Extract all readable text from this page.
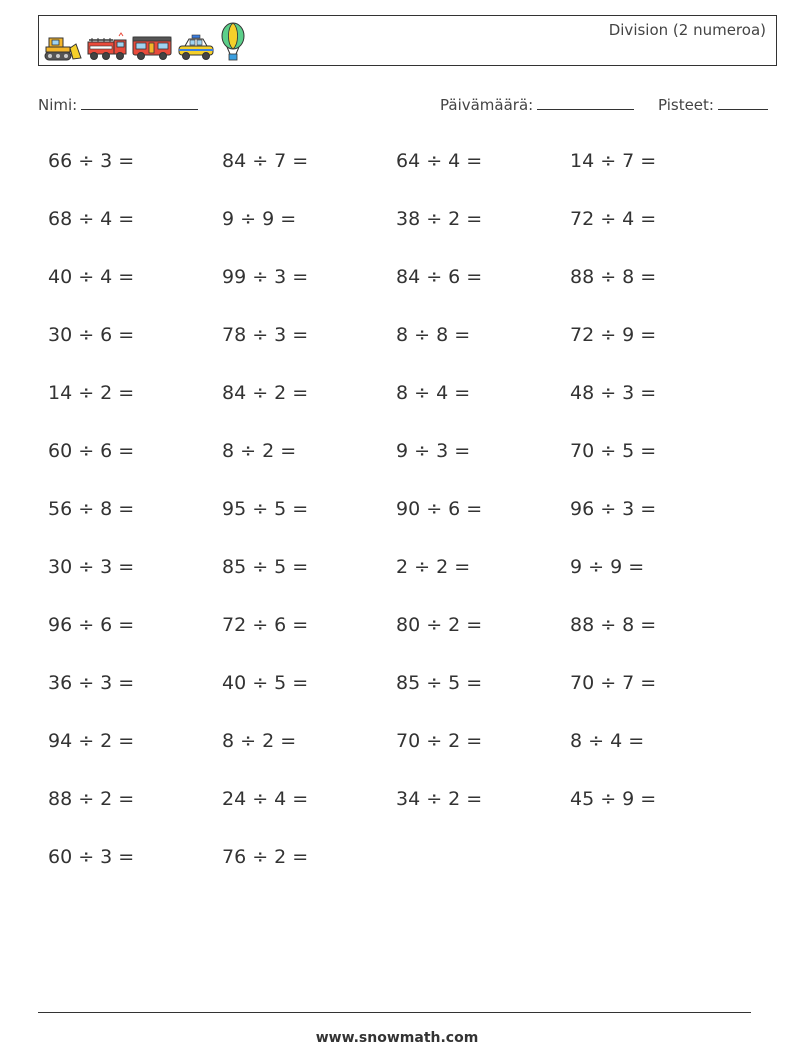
Division (2 numeroa)
Nimi:	Päivämäärä:	Pisteet:
66 ÷ 3 =	84 ÷ 7 =	64 ÷ 4 =	14 ÷ 7 =
68 ÷ 4 =	9 ÷ 9 =	38 ÷ 2 =	72 ÷ 4 =
40 ÷ 4 =	99 ÷ 3 =	84 ÷ 6 =	88 ÷ 8 =
30 ÷ 6 =	78 ÷ 3 =	8 ÷ 8 =	72 ÷ 9 =
14 ÷ 2 =	84 ÷ 2 =	8 ÷ 4 =	48 ÷ 3 =
60 ÷ 6 =	8 ÷ 2 =	9 ÷ 3 =	70 ÷ 5 =
56 ÷ 8 =	95 ÷ 5 =	90 ÷ 6 =	96 ÷ 3 =
30 ÷ 3 =	85 ÷ 5 =	2 ÷ 2 =	9 ÷ 9 =
96 ÷ 6 =	72 ÷ 6 =	80 ÷ 2 =	88 ÷ 8 =
36 ÷ 3 =	40 ÷ 5 =	85 ÷ 5 =	70 ÷ 7 =
94 ÷ 2 =	8 ÷ 2 =	70 ÷ 2 =	8 ÷ 4 =
88 ÷ 2 =	24 ÷ 4 =	34 ÷ 2 =	45 ÷ 9 =
60 ÷ 3 =	76 ÷ 2 =
www.snowmath.com
